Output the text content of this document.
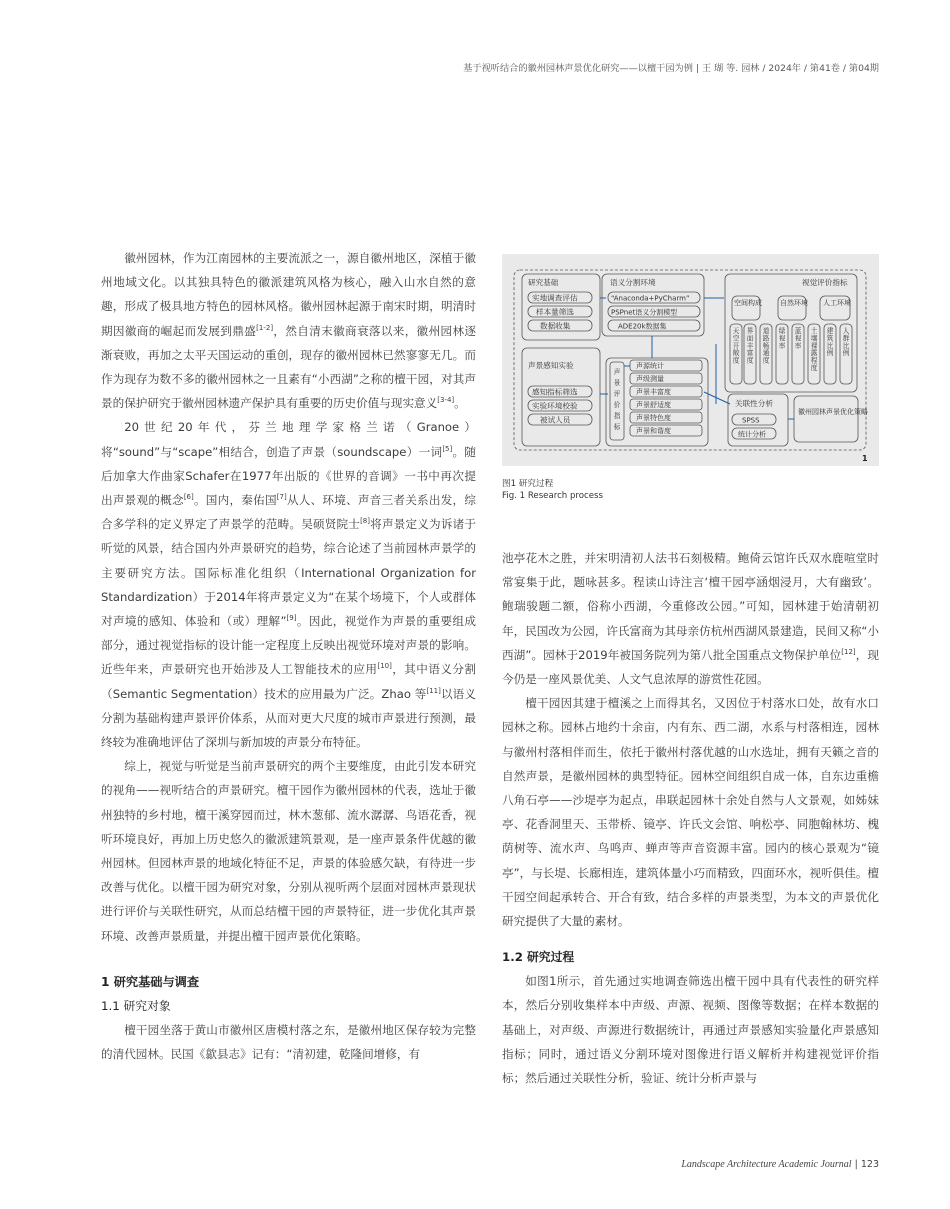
基于视听结合的徽州园林声景优化研究——以檀干园为例 | 王 瑚 等. 园林 / 2024年 / 第41卷 / 第04期

徽州园林，作为江南园林的主要流派之一，源自徽州地区，深植于徽州地域文化。以其独具特色的徽派建筑风格为核心，融入山水自然的意趣，形成了极具地方特色的园林风格。徽州园林起源于南宋时期，明清时期因徽商的崛起而发展到鼎盛[1-2]，然自清末徽商衰落以来，徽州园林逐渐衰败，再加之太平天国运动的重创，现存的徽州园林已然寥寥无几。而作为现存为数不多的徽州园林之一且素有“小西湖”之称的檀干园，对其声景的保护研究于徽州园林遗产保护具有重要的历史价值与现实意义[3-4]。

20世纪20年代，芬兰地理学家格兰诺（Granoe）将“sound”与“scape”相结合，创造了声景（soundscape）一词[5]。随后加拿大作曲家Schafer在1977年出版的《世界的音调》一书中再次提出声景观的概念[6]。国内，秦佑国[7]从人、环境、声音三者关系出发，综合多学科的定义界定了声景学的范畴。吴硕贤院士[8]将声景定义为诉诸于听觉的风景，结合国内外声景研究的趋势，综合论述了当前园林声景学的主要研究方法。国际标准化组织（International Organization for Standardization）于2014年将声景定义为“在某个场境下，个人或群体对声境的感知、体验和（或）理解”[9]。因此，视觉作为声景的重要组成部分，通过视觉指标的设计能一定程度上反映出视觉环境对声景的影响。近些年来，声景研究也开始涉及人工智能技术的应用[10]，其中语义分割（Semantic Segmentation）技术的应用最为广泛。Zhao 等[11]以语义分割为基础构建声景评价体系，从而对更大尺度的城市声景进行预测，最终较为准确地评估了深圳与新加坡的声景分布特征。

综上，视觉与听觉是当前声景研究的两个主要维度，由此引发本研究的视角——视听结合的声景研究。檀干园作为徽州园林的代表，选址于徽州独特的乡村地，檀干溪穿园而过，林木葱郁、流水潺潺、鸟语花香，视听环境良好，再加上历史悠久的徽派建筑景观，是一座声景条件优越的徽州园林。但园林声景的地域化特征不足，声景的体验感欠缺，有待进一步改善与优化。以檀干园为研究对象，分别从视听两个层面对园林声景现状进行评价与关联性研究，从而总结檀干园的声景特征，进一步优化其声景环境、改善声景质量，并提出檀干园声景优化策略。

1 研究基础与调查
1.1 研究对象

檀干园坐落于黄山市徽州区唐模村落之东，是徽州地区保存较为完整的清代园林。民国《歙县志》记有：“清初建，乾隆间增修，有

研究基础
实地调查评估
样本量筛选
数据收集
语义分割环境
“Anaconda+PyCharm”
PSPnet语义分割模型
ADE20k数据集
视觉评价指标
空间构成	自然环境 人工环境
声景感知实验
感知指标筛选
实验环境校验
被试人员
声源统计
声级测量
声景丰富度
声景舒适度
声景特色度
声景和谐度
关联性分析
SPSS
统计分析
徽州园林声景优化策略
1
天空开敞度
界面丰富度
道路畅通度
绿视率
蓝视率
土壤裸露程度
建筑比例
人群比例
声景评价指标
图1 研究过程
Fig. 1 Research process

池亭花木之胜，并宋明清初人法书石刻极精。鲍倚云馆许氏双水鹿喧堂时常宴集于此，题咏甚多。程读山诗注言‘檀干园亭涵烟浸月，大有幽致’。鲍瑞骏题二额，俗称小西湖，今重修改公园。”可知，园林建于始清朝初年，民国改为公园，许氏富商为其母亲仿杭州西湖风景建造，民间又称“小西湖”。园林于2019年被国务院列为第八批全国重点文物保护单位[12]，现今仍是一座风景优美、人文气息浓厚的游赏性花园。

檀干园因其建于檀溪之上而得其名，又因位于村落水口处，故有水口园林之称。园林占地约十余亩，内有东、西二湖，水系与村落相连，园林与徽州村落相伴而生，依托于徽州村落优越的山水选址，拥有天籁之音的自然声景，是徽州园林的典型特征。园林空间组织自成一体，自东边重檐八角石亭——沙堤亭为起点，串联起园林十余处自然与人文景观，如姊妹亭、花香洞里天、玉带桥、镜亭、许氏文会馆、响松亭、同胞翰林坊、槐荫树等、流水声、鸟鸣声、蝉声等声音资源丰富。园内的核心景观为“镜亭”，与长堤、长廊相连，建筑体量小巧而精致，四面环水，视听俱佳。檀干园空间起承转合、开合有致，结合多样的声景类型，为本文的声景优化研究提供了大量的素材。

1.2 研究过程

如图1所示，首先通过实地调查筛选出檀干园中具有代表性的研究样本，然后分别收集样本中声级、声源、视频、图像等数据；在样本数据的基础上，对声级、声源进行数据统计，再通过声景感知实验量化声景感知指标；同时，通过语义分割环境对图像进行语义解析并构建视觉评价指标；然后通过关联性分析，验证、统计分析声景与

Landscape Architecture Academic Journal | 123
